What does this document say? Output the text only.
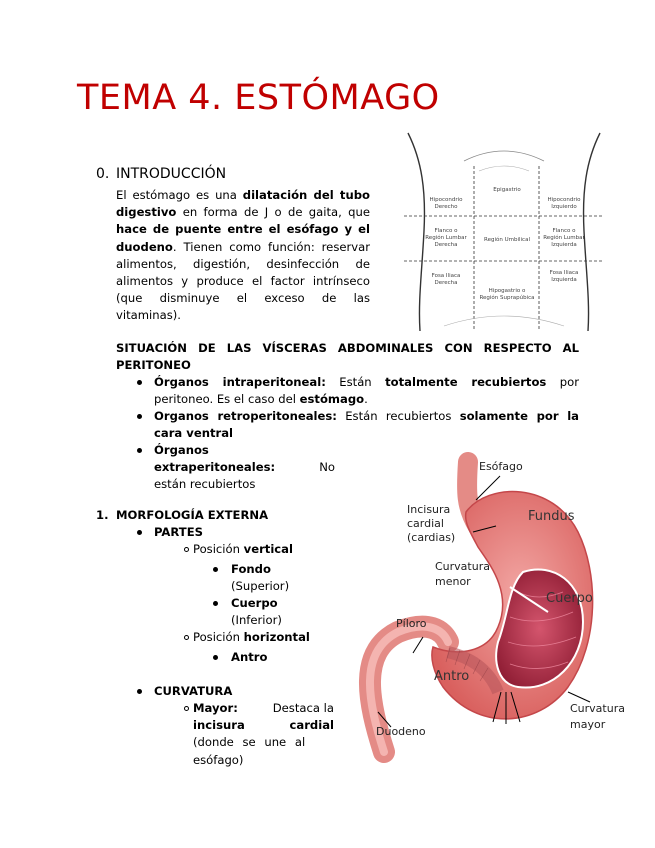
TEMA 4. ESTÓMAGO
0. INTRODUCCIÓN
El estómago es una dilatación del tubo digestivo en forma de J o de gaita, que hace de puente entre el esófago y el duodeno. Tienen como función: reservar alimentos, digestión, desinfección de alimentos y produce el factor intrínseco (que disminuye el exceso de las vitaminas).
Hipocondrio
Derecho
Epigastrio
Hipocondrio
Izquierdo
Flanco o
Región Lumbar
Derecha
Región Umbilical
Flanco o
Región Lumbar
Izquierda
Fosa Iliaca
Derecha
Hipogastrio o
Región Suprapúbica
Fosa Iliaca
Izquierda
SITUACIÓN DE LAS VÍSCERAS ABDOMINALES CON RESPECTO AL PERITONEO
Órganos intraperitoneal: Están totalmente recubiertos por peritoneo. Es el caso del estómago.
Organos retroperitoneales: Están recubiertos solamente por la cara ventral
Órganos
extraperitoneales:	No
están recubiertos
1. MORFOLOGÍA EXTERNA
PARTES
Posición vertical
Fondo
(Superior)
Cuerpo
(Inferior)
Posición horizontal
Antro
CURVATURA
Mayor:	Destaca la
incisura	cardial
(donde se une al
esófago)
Esófago
Incisura
cardial
(cardias)
Fundus
Curvatura
menor
Cuerpo
Píloro
Antro
Duodeno
Curvatura
mayor
